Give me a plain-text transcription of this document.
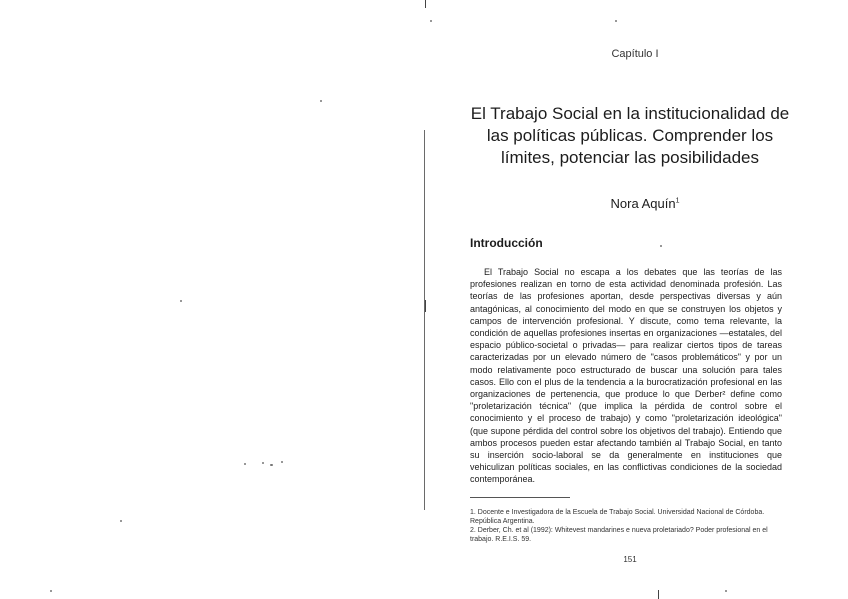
Capítulo I
El Trabajo Social en la institucionalidad de las políticas públicas. Comprender los límites, potenciar las posibilidades
Nora Aquín$^1$
Introducción

El Trabajo Social no escapa a los debates que las teorías de las profesiones realizan en torno de esta actividad denominada profesión. Las teorías de las profesiones aportan, desde perspectivas diversas y aún antagónicas, al conocimiento del modo en que se construyen los objetos y campos de intervención profesional. Y discute, como tema relevante, la condición de aquellas profesiones insertas en organizaciones —estatales, del espacio público-societal o privadas— para realizar ciertos tipos de tareas caracterizadas por un elevado número de "casos problemáticos" y por un modo relativamente poco estructurado de buscar una solución para tales casos. Ello con el plus de la tendencia a la burocratización profesional en las organizaciones de pertenencia, que produce lo que Derber² define como "proletarización técnica" (que implica la pérdida de control sobre el conocimiento y el proceso de trabajo) y como "proletarización ideológica" (que supone pérdida del control sobre los objetivos del trabajo). Entiendo que ambos procesos pueden estar afectando también al Trabajo Social, en tanto su inserción socio-laboral se da generalmente en instituciones que vehiculizan políticas sociales, en las conflictivas condiciones de la sociedad contemporánea.

1. Docente e Investigadora de la Escuela de Trabajo Social. Universidad Nacional de Córdoba. República Argentina.
2. Derber, Ch. et al (1992): Whitevest mandarines e nueva proletariado? Poder profesional en el trabajo. R.E.I.S. 59.
151
